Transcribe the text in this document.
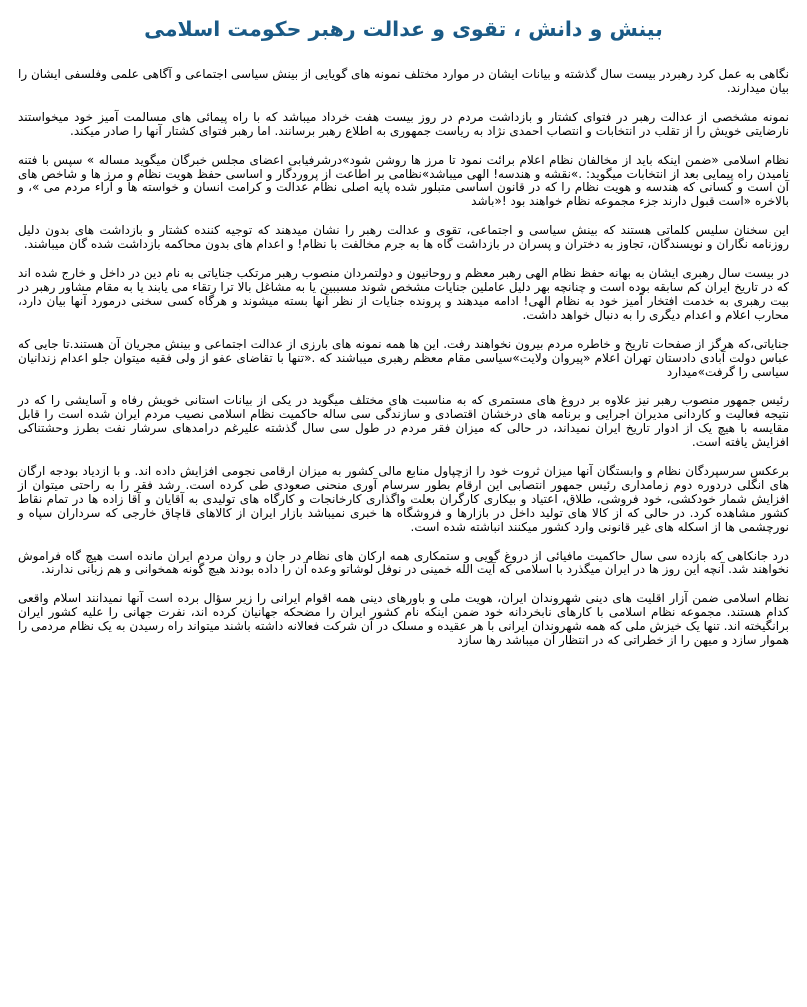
بینش و دانش ، تقوی و عدالت رهبر حکومت اسلامی

نگاهی به عمل کرد رهبردر بیست سال گذشته و بیانات ایشان در موارد مختلف نمونه های گویایی از بینش سیاسی اجتماعی و آگاهی علمی وفلسفی ایشان را بیان میدارند.

نمونه مشخصی از عدالت رهبر در فتوای کشتار و بازداشت مردم در روز بیست هفت خرداد میباشد که با راه پیمائی های مسالمت آمیز خود میخواستند نارضایتی خویش را از تقلب در انتخابات و انتصاب احمدی نژاد به ریاست جمهوری به اطلاع رهبر برسانند. اما رهبر فتوای کشتار آنها را صادر میکند.

نظام اسلامی «ضمن اینکه باید از مخالفان نظام اعلام برائت نمود تا مرز ها روشن شود»درشرفیابی اعضای مجلس خبرگان میگوید مساله » سپس با فتنه نامیدن راه پیمایی بعد از انتخابات میگوید: .»نقشه و هندسه! الهی میباشد»نظامی بر اطاعت از پروردگار و اساسی حفظ هویت نظام و مرز ها و شاخص های آن است و کسانی که هندسه و هویت نظام را که در قانون اساسی متبلور شده پایه اصلی نظام عدالت و کرامت انسان و خواسته ها و آراء مردم می »، و بالاخره «است قبول دارند جزء مجموعه نظام خواهند بود !«باشد

این سخنان سلیس کلماتی هستند که بینش سیاسی و اجتماعی، تقوی و عدالت رهبر را نشان میدهند که توجیه کننده کشتار و بازداشت های بدون دلیل روزنامه نگاران و نویسندگان، تجاوز به دختران و پسران در بازداشت گاه ها به جرم مخالفت با نظام! و اعدام های بدون محاکمه بازداشت شده گان میباشند.

در بیست سال رهبری ایشان به بهانه حفظ نظام الهی رهبر معظم و روحانیون و دولتمردان منصوب رهبر مرتکب جنایاتی به نام دین در داخل و خارج شده اند که در تاریخ ایران کم سابقه بوده است و چنانچه بهر دلیل عاملین جنایات مشخص شوند مسببین یا به مشاغل بالا ترا رتقاء می یابند یا به مقام مشاور رهبر در بیت رهبری به خدمت افتخار آمیز خود به نظام الهی! ادامه میدهند و پرونده جنایات از نظر آنها بسته میشوند و هرگاه کسی سخنی درمورد آنها بیان دارد، محارب اعلام و اعدام دیگری را به دنبال خواهد داشت.

جنایاتی،که هرگز از صفحات تاریخ و خاطره مردم بیرون نخواهند رفت. این ها همه نمونه های بارزی از عدالت اجتماعی و بینش مجریان آن هستند.تا جایی که عباس دولت آبادی دادستان تهران اعلام «پیروان ولایت»سیاسی مقام معظم رهبری میباشند که .«تنها با تقاضای عفو از ولی فقیه میتوان جلو اعدام زندانیان سیاسی را گرفت»میدارد

رئیس جمهور منصوب رهبر نیز علاوه بر دروغ های مستمری که به مناسبت های مختلف میگوید در یکی از بیانات استانی خویش رفاه و آسایشی را که در نتیجه فعالیت و کاردانی مدیران اجرایی و برنامه های درخشان اقتصادی و سازندگی سی ساله حاکمیت نظام اسلامی نصیب مردم ایران شده است را قابل مقایسه با هیچ یک از ادوار تاریخ ایران نمیداند، در حالی که میزان فقر مردم در طول سی سال گذشته علیرغم درامدهای سرشار نفت بطرز وحشتناکی افزایش یافته است.

برعکس سرسپردگان نظام و وابستگان آنها میزان ثروت خود را ازچپاول منابع مالی کشور به میزان ارقامی نجومی افزایش داده اند. و با ازدیاد بودجه ارگان های انگلی دردوره دوم زمامداری رئیس جمهور انتصابی این ارقام بطور سرسام آوری منحنی صعودی طی کرده است. رشد فقر را به راحتی میتوان از افزایش شمار خودکشی، خود فروشی، طلاق، اعتیاد و بیکاری کارگران بعلت واگذاری کارخانجات و کارگاه های تولیدی به آقایان و آقا زاده ها در تمام نقاط کشور مشاهده کرد. در حالی که از کالا های تولید داخل در بازارها و فروشگاه ها خبری نمیباشد بازار ایران از کالاهای قاچاق خارجی که سرداران سپاه و نورچشمی ها از اسکله های غیر قانونی وارد کشور میکنند انباشته شده است.

درد جانکاهی که بازده سی سال حاکمیت مافیائی از دروغ گویی و ستمکاری همه ارکان های نظام در جان و روان مردم ایران مانده است هیچ گاه فراموش نخواهند شد. آنچه این روز ها در ایران میگذرد با اسلامی که آیت الله خمینی در نوفل لوشاتو وعده آن را داده بودند هیچ گونه همخوانی و هم زبانی ندارند.

نظام اسلامی ضمن آزار اقلیت های دینی شهروندان ایران، هویت ملی و باورهای دینی همه اقوام ایرانی را زیر سؤال برده است آنها نمیدانند اسلام واقعی کدام هستند. مجموعه نظام اسلامی با کارهای نابخردانه خود ضمن اینکه نام کشور ایران را مضحکه جهانیان کرده اند، نفرت جهانی را علیه کشور ایران برانگیخته اند. تنها یک خیزش ملی که همه شهروندان ایرانی با هر عقیده و مسلک در آن شرکت فعالانه داشته باشند میتواند راه رسیدن به یک نظام مردمی را هموار سازد و میهن را از خطراتی که در انتظار آن میباشد رها سازد
